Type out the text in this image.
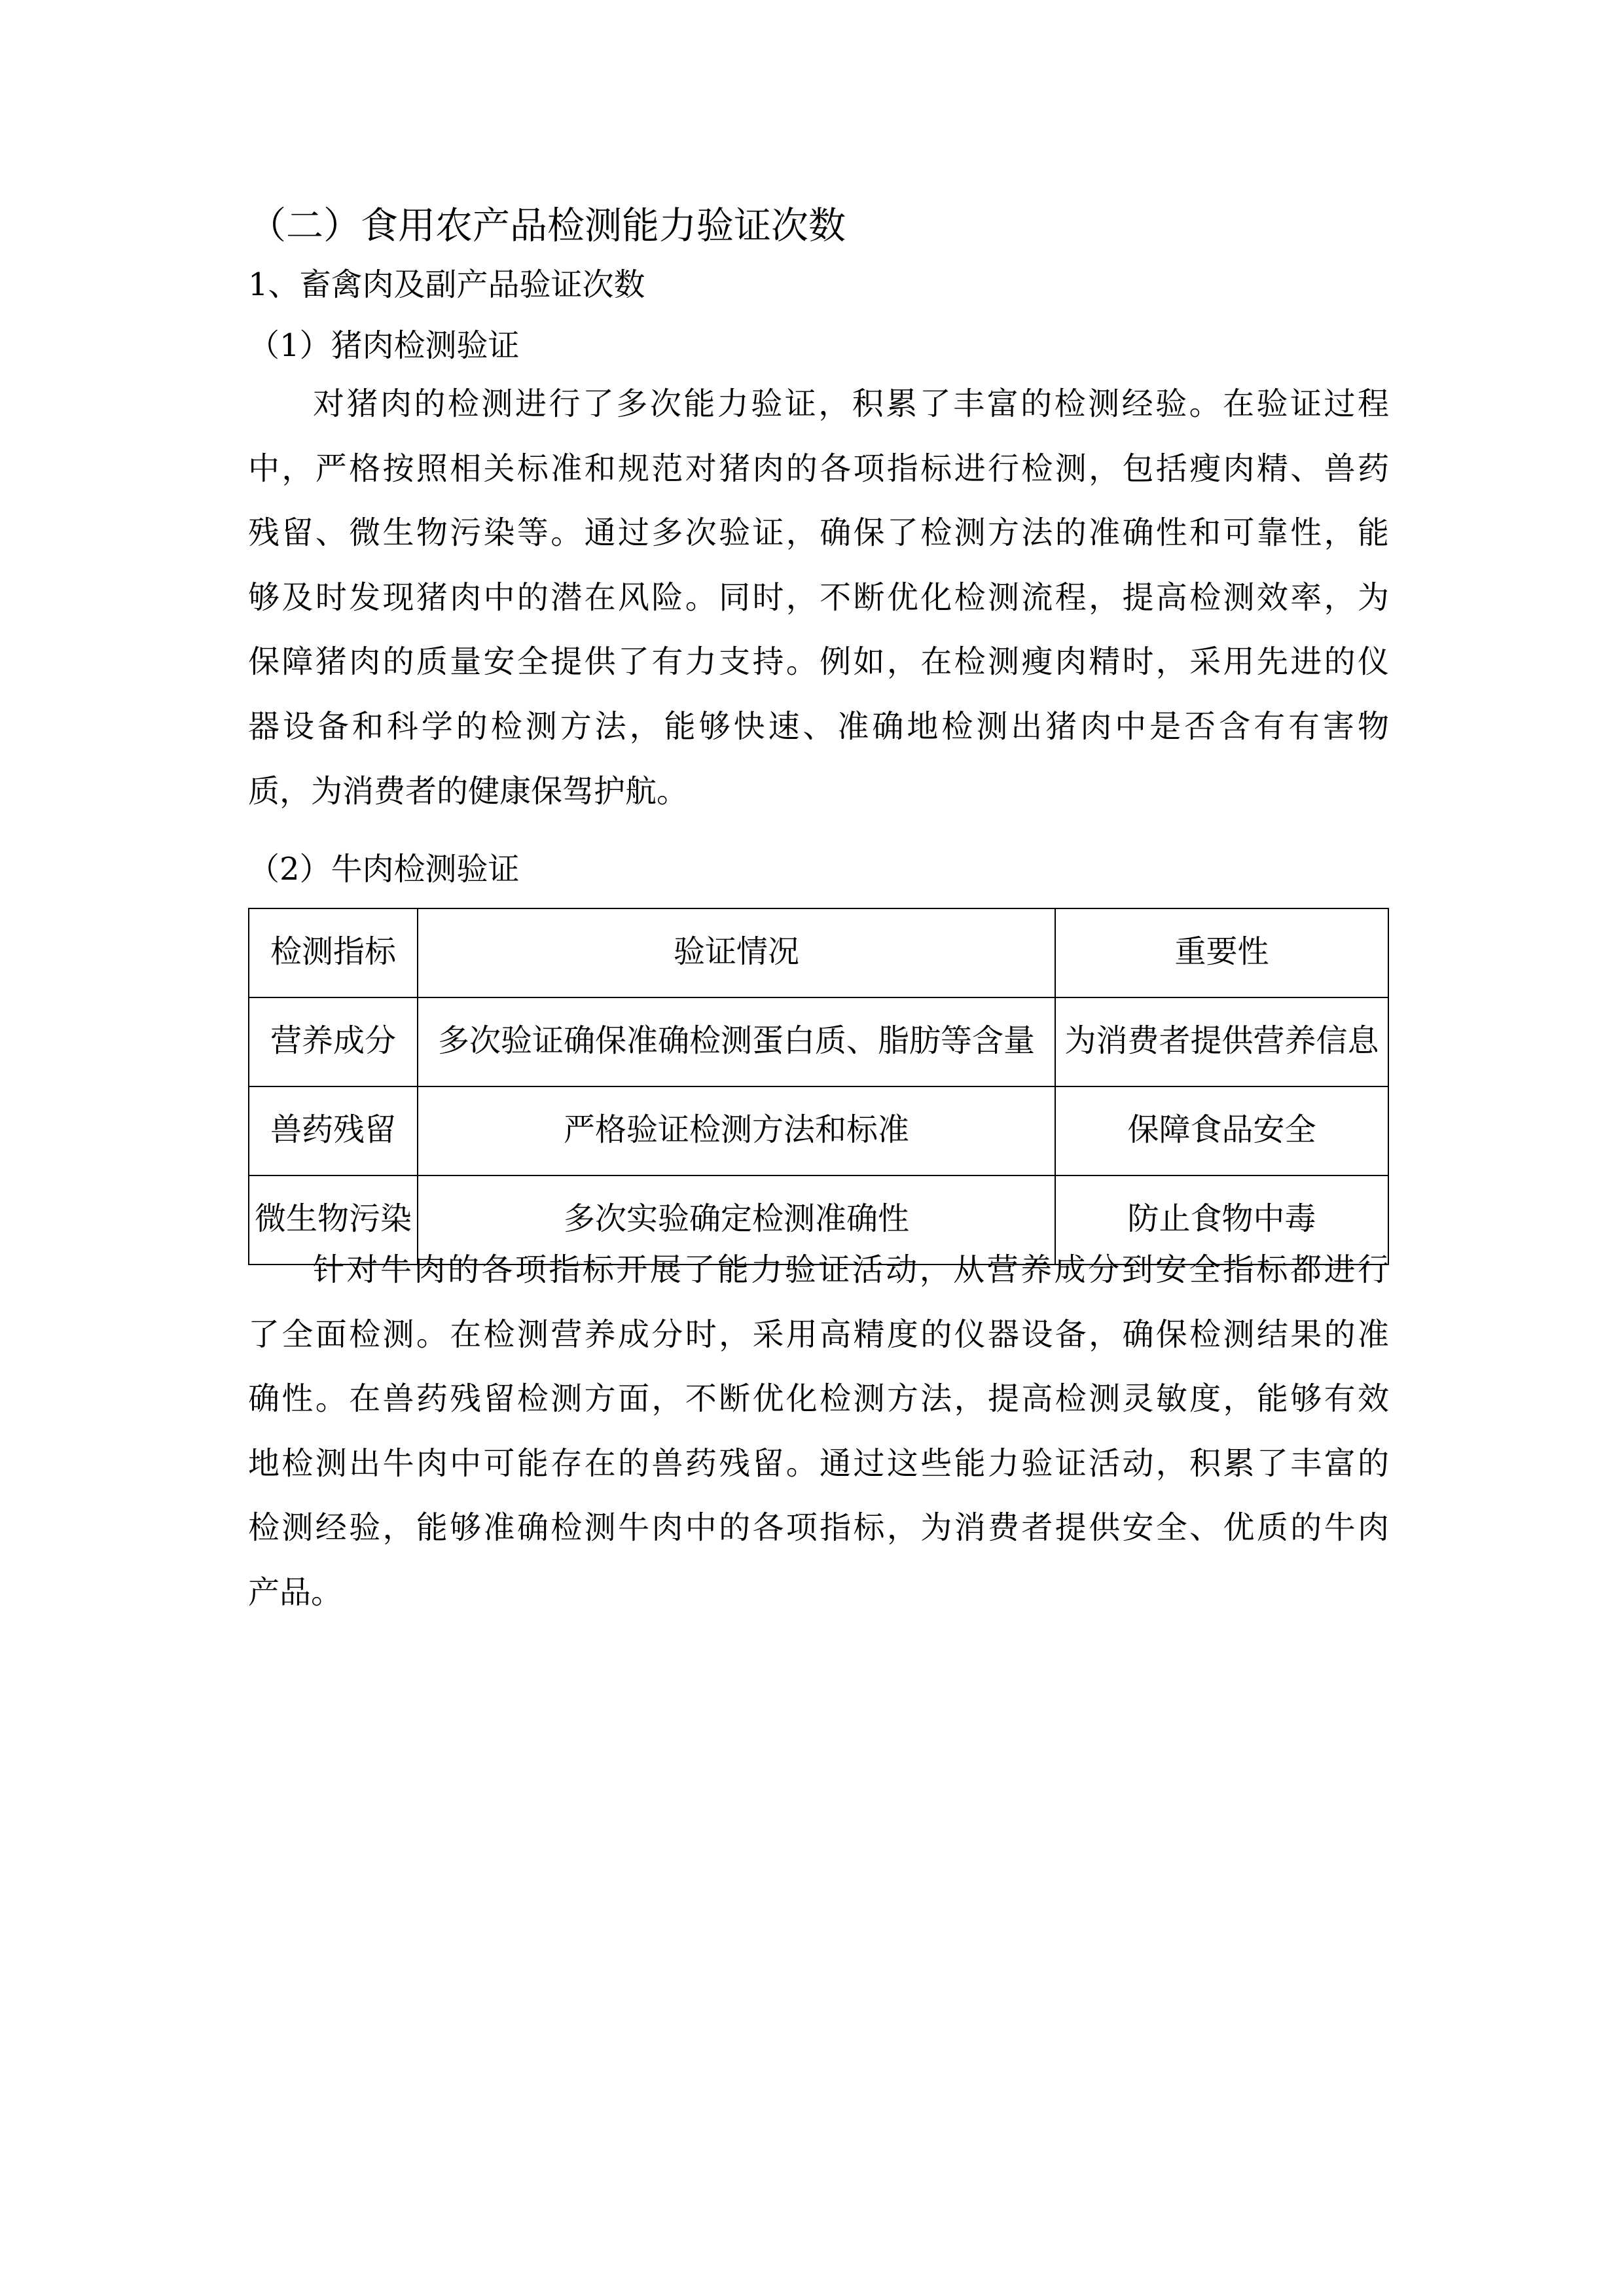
（二）食用农产品检测能力验证次数
1、畜禽肉及副产品验证次数
（1）猪肉检测验证
对猪肉的检测进行了多次能力验证，积累了丰富的检测经验。在验证过程
中，严格按照相关标准和规范对猪肉的各项指标进行检测，包括瘦肉精、兽药
残留、微生物污染等。通过多次验证，确保了检测方法的准确性和可靠性，能
够及时发现猪肉中的潜在风险。同时，不断优化检测流程，提高检测效率，为
保障猪肉的质量安全提供了有力支持。例如，在检测瘦肉精时，采用先进的仪
器设备和科学的检测方法，能够快速、准确地检测出猪肉中是否含有有害物
质，为消费者的健康保驾护航。
（2）牛肉检测验证
检测指标	验证情况	重要性
营养成分	多次验证确保准确检测蛋白质、脂肪等含量	为消费者提供营养信息
兽药残留	严格验证检测方法和标准	保障食品安全
微生物污染	多次实验确定检测准确性	防止食物中毒
针对牛肉的各项指标开展了能力验证活动，从营养成分到安全指标都进行
了全面检测。在检测营养成分时，采用高精度的仪器设备，确保检测结果的准
确性。在兽药残留检测方面，不断优化检测方法，提高检测灵敏度，能够有效
地检测出牛肉中可能存在的兽药残留。通过这些能力验证活动，积累了丰富的
检测经验，能够准确检测牛肉中的各项指标，为消费者提供安全、优质的牛肉
产品。
